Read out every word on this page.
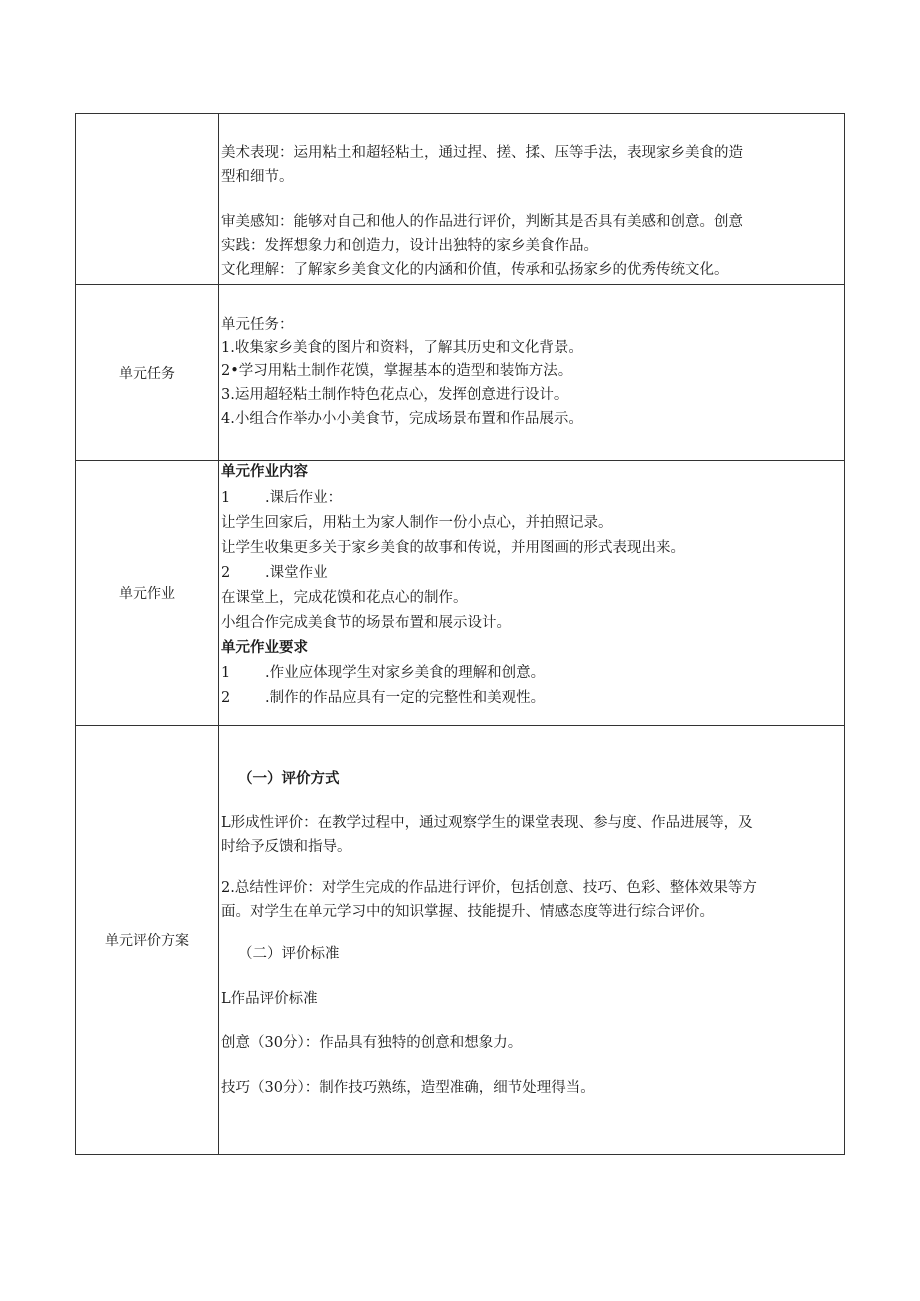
美术表现：运用粘土和超轻粘土，通过捏、搓、揉、压等手法，表现家乡美食的造
型和细节。
审美感知：能够对自己和他人的作品进行评价，判断其是否具有美感和创意。创意
实践：发挥想象力和创造力，设计出独特的家乡美食作品。
文化理解：了解家乡美食文化的内涵和价值，传承和弘扬家乡的优秀传统文化。
单元任务
单元任务：
1.收集家乡美食的图片和资料，了解其历史和文化背景。
2•学习用粘土制作花馍，掌握基本的造型和装饰方法。
3.运用超轻粘土制作特色花点心，发挥创意进行设计。
4.小组合作举办小小美食节，完成场景布置和作品展示。
单元作业
单元作业内容
1 .课后作业：
让学生回家后，用粘土为家人制作一份小点心，并拍照记录。
让学生收集更多关于家乡美食的故事和传说，并用图画的形式表现出来。
2 .课堂作业
在课堂上，完成花馍和花点心的制作。
小组合作完成美食节的场景布置和展示设计。
单元作业要求
1 .作业应体现学生对家乡美食的理解和创意。
2 .制作的作品应具有一定的完整性和美观性。
单元评价方案
（一）评价方式
L形成性评价：在教学过程中，通过观察学生的课堂表现、参与度、作品进展等，及
时给予反馈和指导。
2.总结性评价：对学生完成的作品进行评价，包括创意、技巧、色彩、整体效果等方
面。对学生在单元学习中的知识掌握、技能提升、情感态度等进行综合评价。
（二）评价标准
L作品评价标准
创意（30分）：作品具有独特的创意和想象力。
技巧（30分）：制作技巧熟练，造型准确，细节处理得当。
